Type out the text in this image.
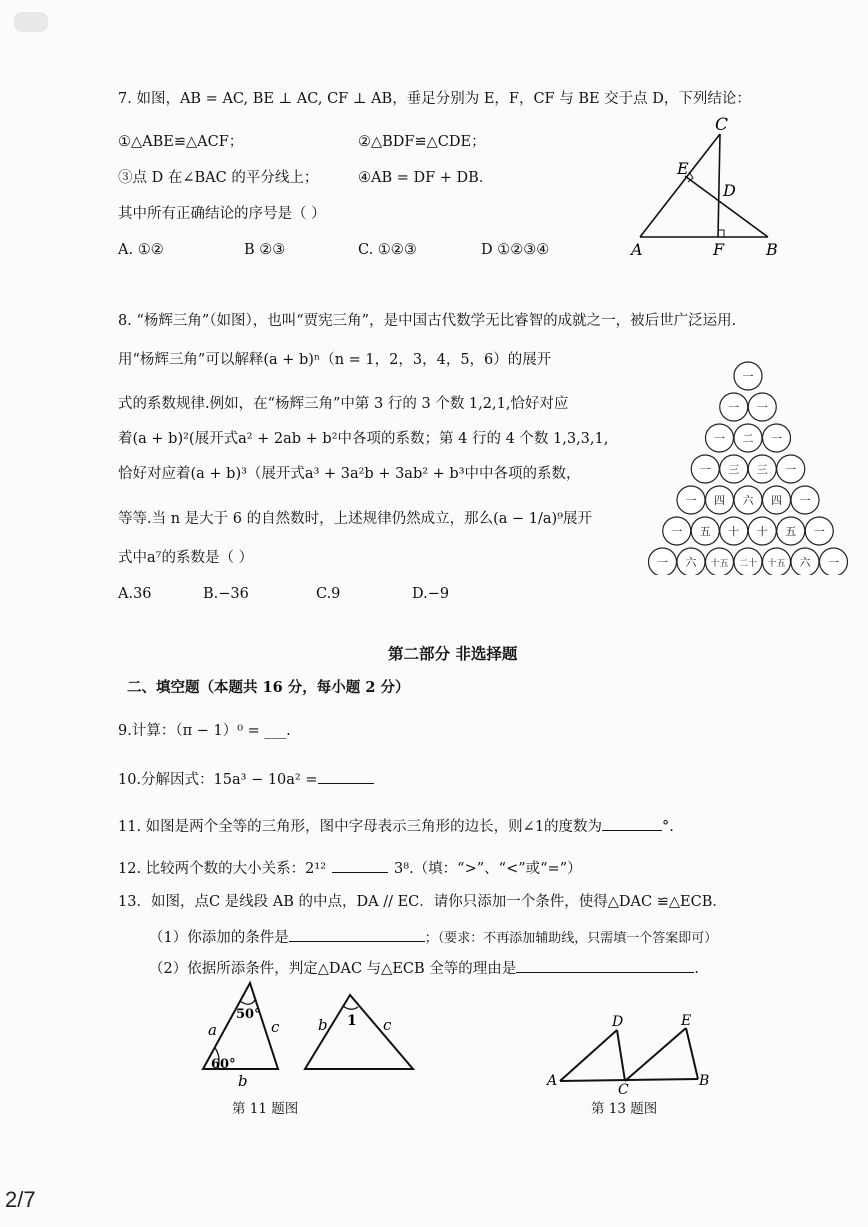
7. 如图，AB = AC, BE ⊥ AC, CF ⊥ AB，垂足分别为 E，F，CF 与 BE 交于点 D，下列结论：
①△ABE≌△ACF；	②△BDF≌△CDE；
③点 D 在∠BAC 的平分线上；	④AB = DF + DB．
其中所有正确结论的序号是（ ）
A. ①②	B ②③	C. ①②③	D ①②③④
C
E
D
A	F	B
8. “杨辉三角”（如图），也叫“贾宪三角”，是中国古代数学无比睿智的成就之一，被后世广泛运用.
用“杨辉三角”可以解释(a + b)ⁿ（n = 1，2，3，4，5，6）的展开
式的系数规律.例如，在“杨辉三角”中第 3 行的 3 个数 1,2,1,恰好对应
着(a + b)²(展开式a² + 2ab + b²中各项的系数；第 4 行的 4 个数 1,3,3,1,
恰好对应着(a + b)³（展开式a³ + 3a²b + 3ab² + b³中中各项的系数，
等等.当 n 是大于 6 的自然数时，上述规律仍然成立，那么(a − 1/a)⁹展开
式中a⁷的系数是（ ）
A.36	B.−36	C.9	D.−9
一
一 一
一 二 一
一 三 三 一
一 四 六 四 一
一 五 十 十 五 一
一 六 十五 二十 十五 六 一
第二部分 非选择题
二、填空题（本题共 16 分，每小题 2 分）
9.计算：（π − 1）⁰ = ___.
10.分解因式：15a³ − 10a² =
11. 如图是两个全等的三角形，图中字母表示三角形的边长，则∠1的度数为	°.
12. 比较两个数的大小关系：2¹²	3⁸.（填：“>”、“<”或“=”）
13．如图，点C 是线段 AB 的中点，DA // EC．请你只添加一个条件，使得△DAC ≌△ECB．
（1）你添加的条件是	；（要求：不再添加辅助线，只需填一个答案即可）
（2）依据所添条件，判定△DAC 与△ECB 全等的理由是	.
50°
a	c
60°
b
b 1 c
第 11 题图
D	E
A
C
B
第 13 题图
2/7
